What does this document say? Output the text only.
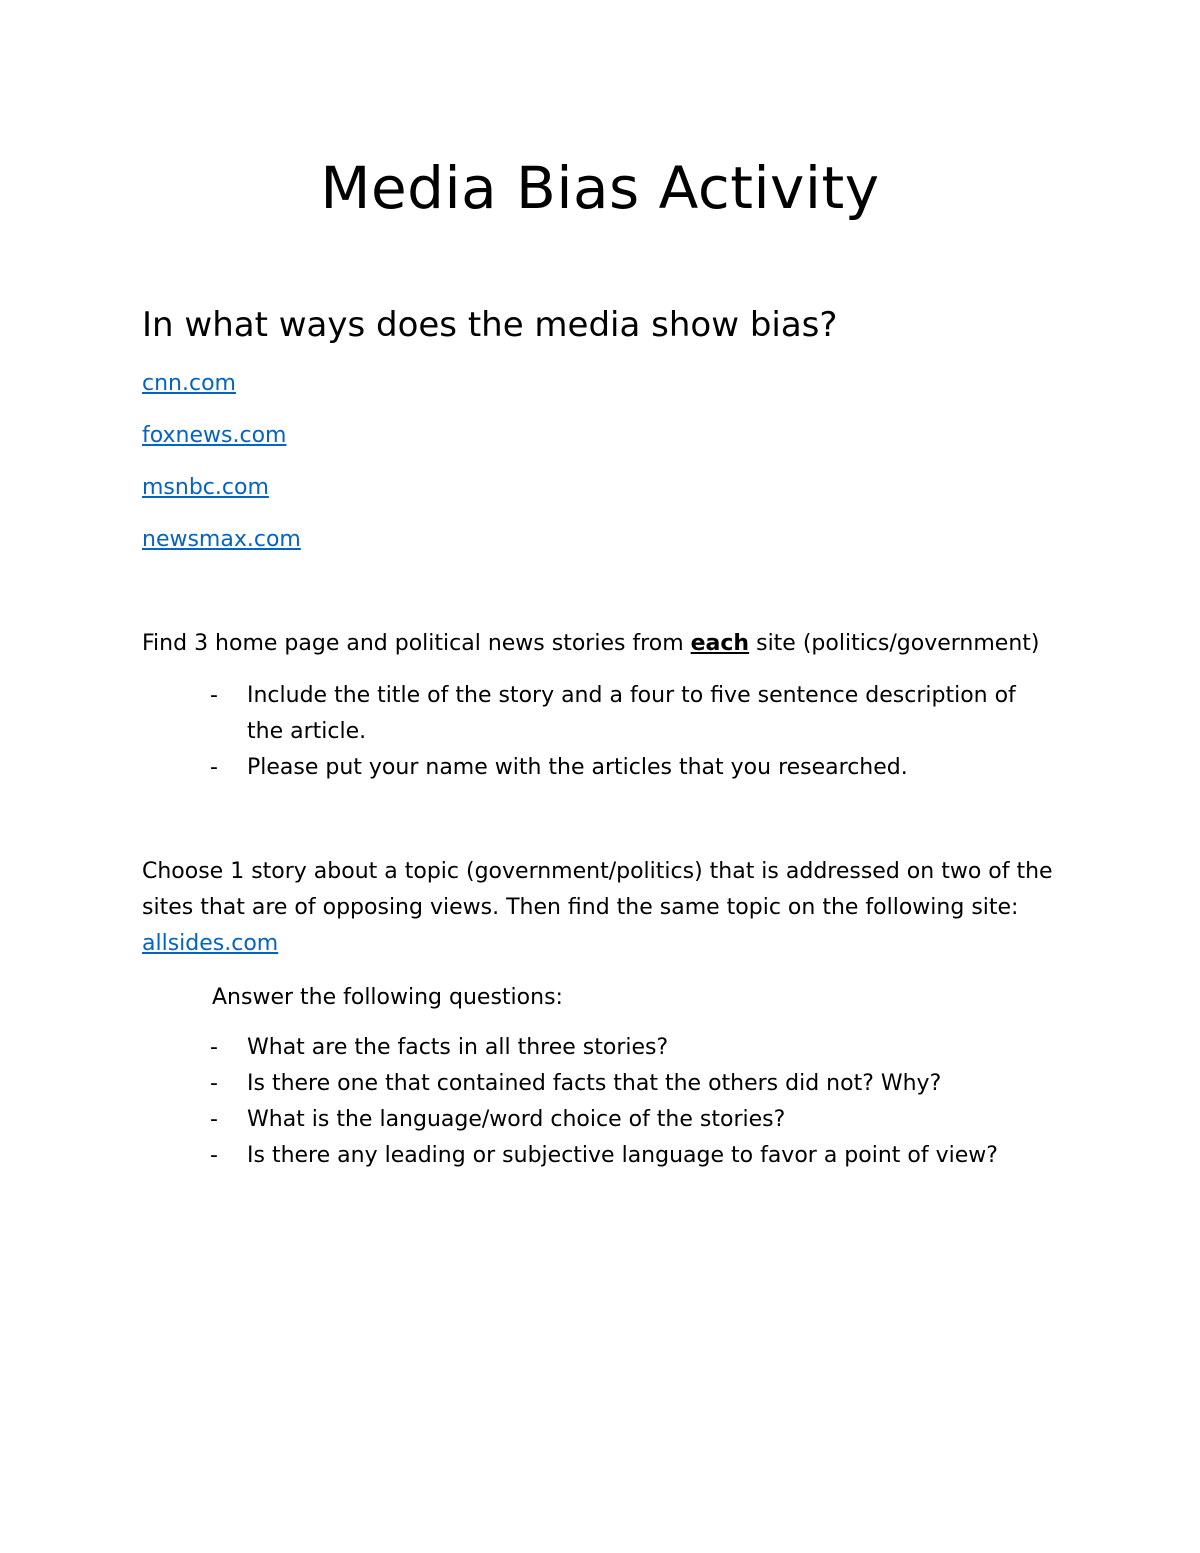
Media Bias Activity
In what ways does the media show bias?
cnn.com
foxnews.com
msnbc.com
newsmax.com

Find 3 home page and political news stories from each site (politics/government)

- Include the title of the story and a four to five sentence description of the article.
- Please put your name with the articles that you researched.

Choose 1 story about a topic (government/politics) that is addressed on two of the sites that are of opposing views. Then find the same topic on the following site: allsides.com

Answer the following questions:

- What are the facts in all three stories?
- Is there one that contained facts that the others did not? Why?
- What is the language/word choice of the stories?
- Is there any leading or subjective language to favor a point of view?
